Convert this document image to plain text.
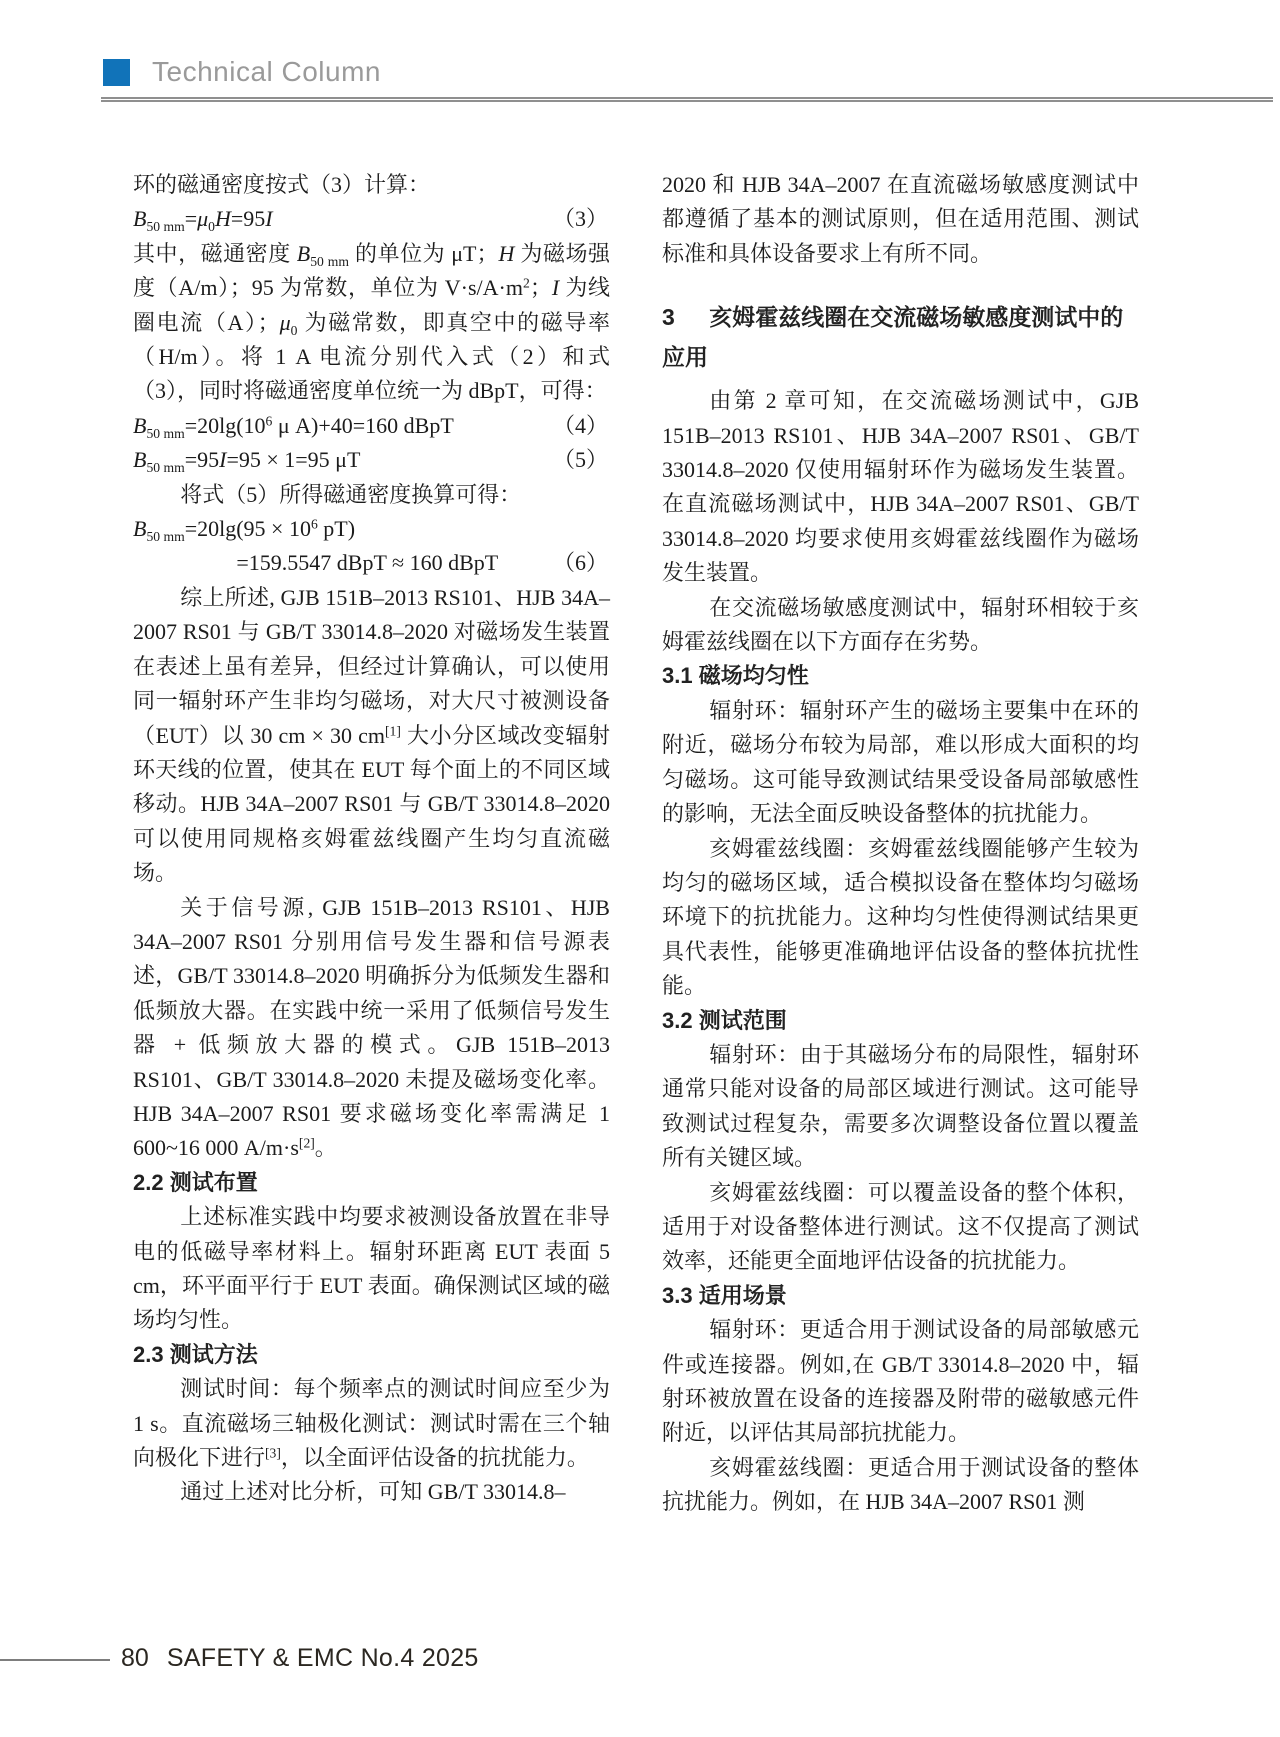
Technical Column

环的磁通密度按式（3）计算：

$B_{50 mm}=\mu_0H=95I$	（3）

其中，磁通密度 $B_{50 mm}$ 的单位为 μT；H 为磁场强度（A/m）；95 为常数，单位为 $V\cdot s/A\cdot m^2$；I 为线圈电流（A）；$\mu_0$ 为磁常数，即真空中的磁导率（H/m）。将 1 A 电流分别代入式（2）和式（3），同时将磁通密度单位统一为 dBpT，可得：

$B_{50 mm}=20\lg(10^6$ μ A)+40=160 dBpT	（4）

$B_{50 mm}=95I=95 \times 1=95$ μT	（5）

将式（5）所得磁通密度换算可得：

$B_{50 mm}=20\lg(95 \times 10^6$ pT)

=159.5547 dBpT ≈ 160 dBpT （6）

综上所述, GJB 151B–2013 RS101、HJB 34A–2007 RS01 与 GB/T 33014.8–2020 对磁场发生装置在表述上虽有差异，但经过计算确认，可以使用同一辐射环产生非均匀磁场，对大尺寸被测设备（EUT）以 30 cm × 30 cm[1] 大小分区域改变辐射环天线的位置，使其在 EUT 每个面上的不同区域移动。HJB 34A–2007 RS01 与 GB/T 33014.8–2020 可以使用同规格亥姆霍兹线圈产生均匀直流磁场。

关于信号源, GJB 151B–2013 RS101、HJB 34A–2007 RS01 分别用信号发生器和信号源表述，GB/T 33014.8–2020 明确拆分为低频发生器和低频放大器。在实践中统一采用了低频信号发生器 + 低频放大器的模式。GJB 151B–2013 RS101、GB/T 33014.8–2020 未提及磁场变化率。HJB 34A–2007 RS01 要求磁场变化率需满足 1 600~16 000 A/m·s[2]。

2.2 测试布置

上述标准实践中均要求被测设备放置在非导电的低磁导率材料上。辐射环距离 EUT 表面 5 cm，环平面平行于 EUT 表面。确保测试区域的磁场均匀性。

2.3 测试方法

测试时间：每个频率点的测试时间应至少为 1 s。直流磁场三轴极化测试：测试时需在三个轴向极化下进行[3]，以全面评估设备的抗扰能力。

通过上述对比分析，可知 GB/T 33014.8–

2020 和 HJB 34A–2007 在直流磁场敏感度测试中都遵循了基本的测试原则，但在适用范围、测试标准和具体设备要求上有所不同。

3 亥姆霍兹线圈在交流磁场敏感度测试中的应用

由第 2 章可知，在交流磁场测试中，GJB 151B–2013 RS101、HJB 34A–2007 RS01、GB/T 33014.8–2020 仅使用辐射环作为磁场发生装置。在直流磁场测试中，HJB 34A–2007 RS01、GB/T 33014.8–2020 均要求使用亥姆霍兹线圈作为磁场发生装置。

在交流磁场敏感度测试中，辐射环相较于亥姆霍兹线圈在以下方面存在劣势。

3.1 磁场均匀性

辐射环：辐射环产生的磁场主要集中在环的附近，磁场分布较为局部，难以形成大面积的均匀磁场。这可能导致测试结果受设备局部敏感性的影响，无法全面反映设备整体的抗扰能力。

亥姆霍兹线圈：亥姆霍兹线圈能够产生较为均匀的磁场区域，适合模拟设备在整体均匀磁场环境下的抗扰能力。这种均匀性使得测试结果更具代表性，能够更准确地评估设备的整体抗扰性能。

3.2 测试范围

辐射环：由于其磁场分布的局限性，辐射环通常只能对设备的局部区域进行测试。这可能导致测试过程复杂，需要多次调整设备位置以覆盖所有关键区域。

亥姆霍兹线圈：可以覆盖设备的整个体积，适用于对设备整体进行测试。这不仅提高了测试效率，还能更全面地评估设备的抗扰能力。

3.3 适用场景

辐射环：更适合用于测试设备的局部敏感元件或连接器。例如,在 GB/T 33014.8–2020 中，辐射环被放置在设备的连接器及附带的磁敏感元件附近，以评估其局部抗扰能力。

亥姆霍兹线圈：更适合用于测试设备的整体抗扰能力。例如，在 HJB 34A–2007 RS01 测

80 SAFETY & EMC No.4 2025
